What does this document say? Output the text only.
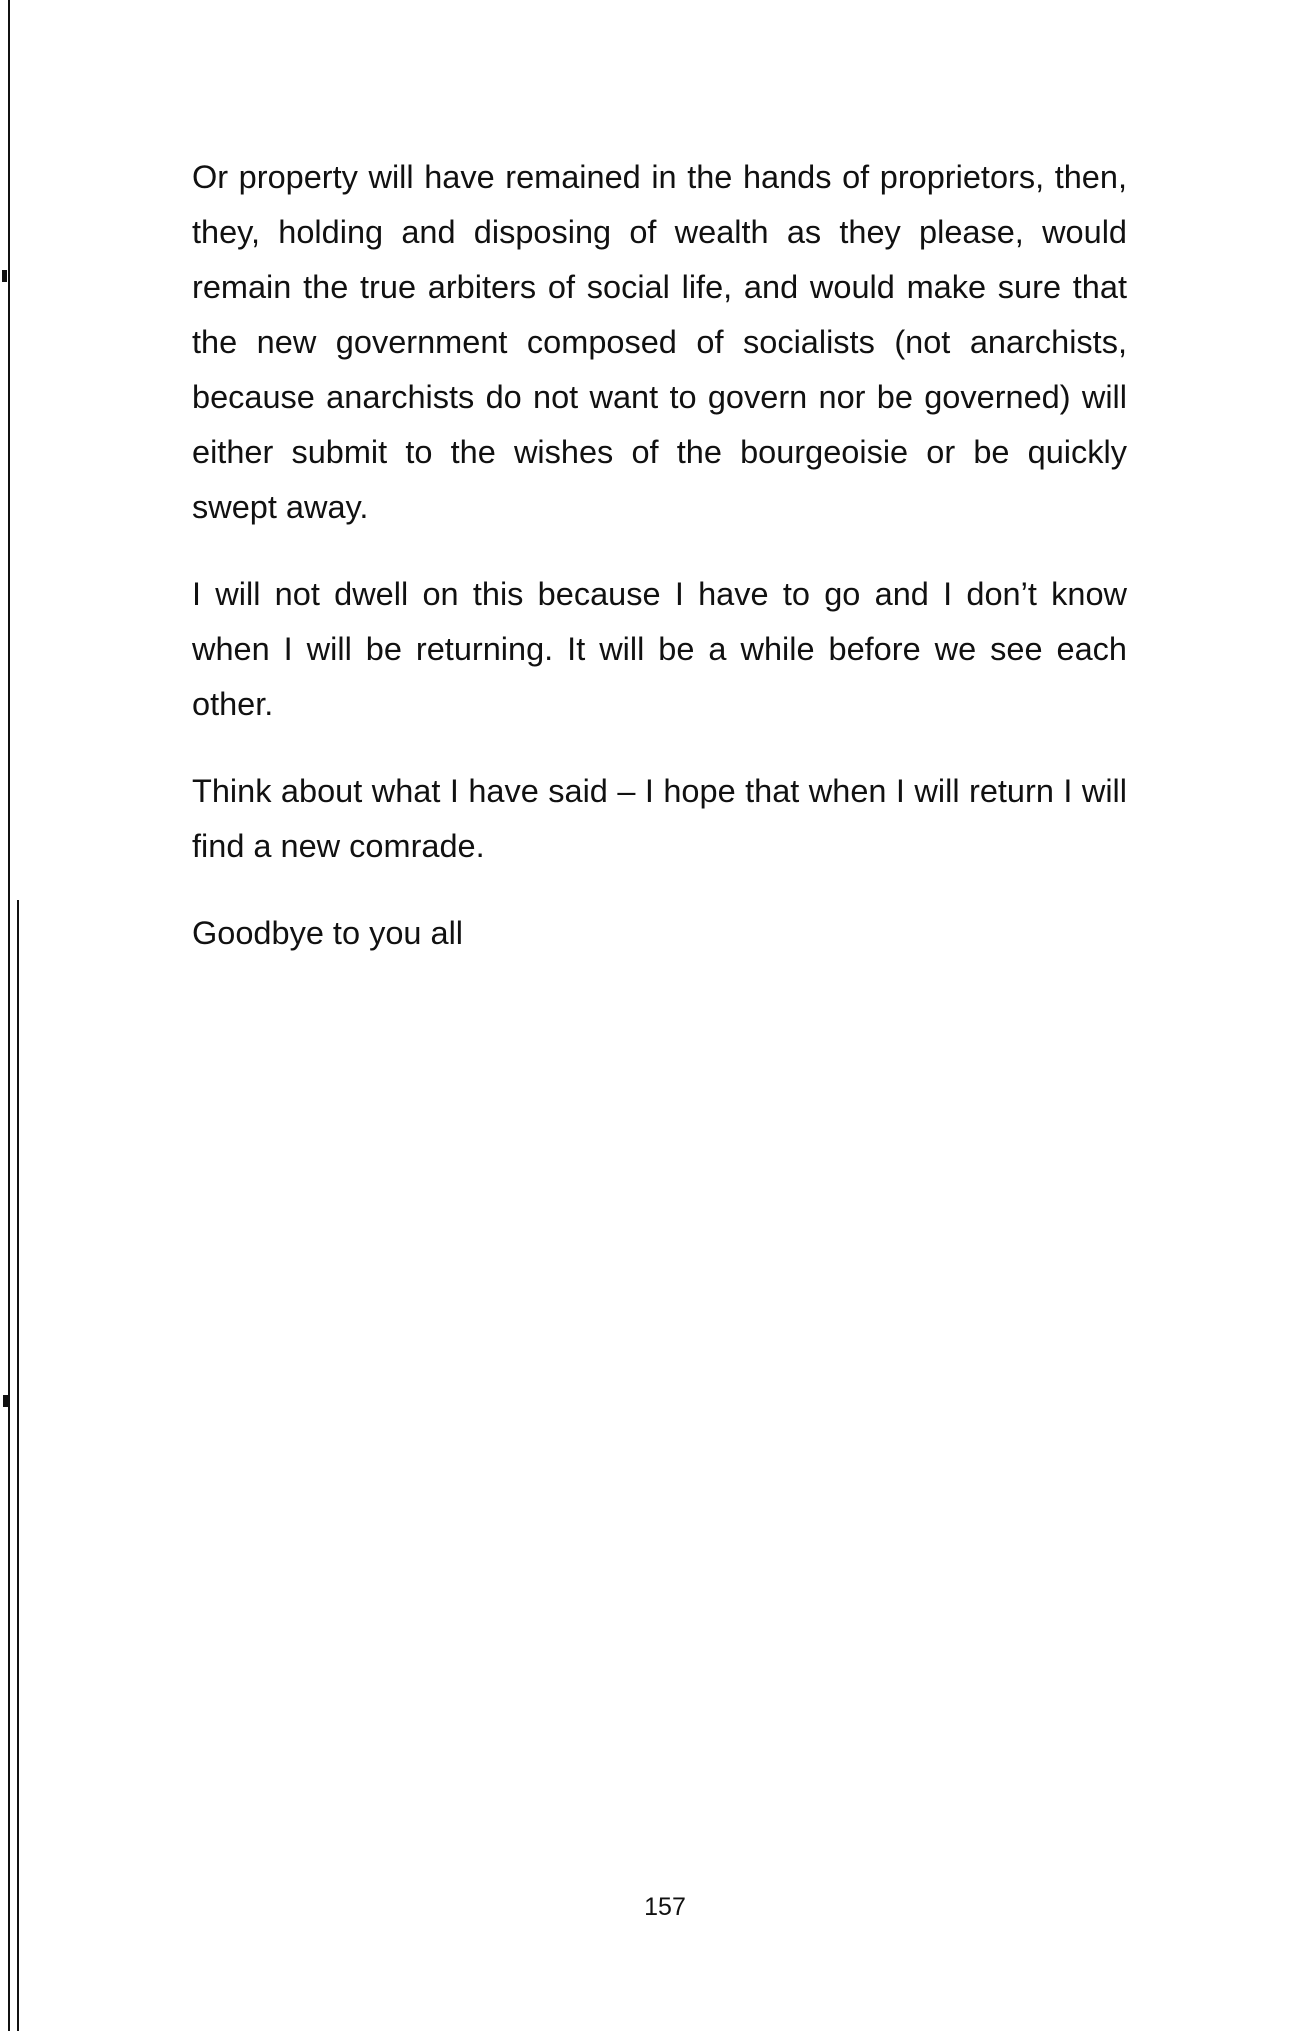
Or property will have remained in the hands of proprietors, then, they, holding and disposing of wealth as they please, would remain the true arbiters of social life, and would make sure that the new government composed of socialists (not anarchists, because anarchists do not want to govern nor be governed) will either submit to the wishes of the bourgeoisie or be quickly swept away.

I will not dwell on this because I have to go and I don’t know when I will be returning. It will be a while before we see each other.

Think about what I have said – I hope that when I will return I will find a new comrade.

Goodbye to you all

157
